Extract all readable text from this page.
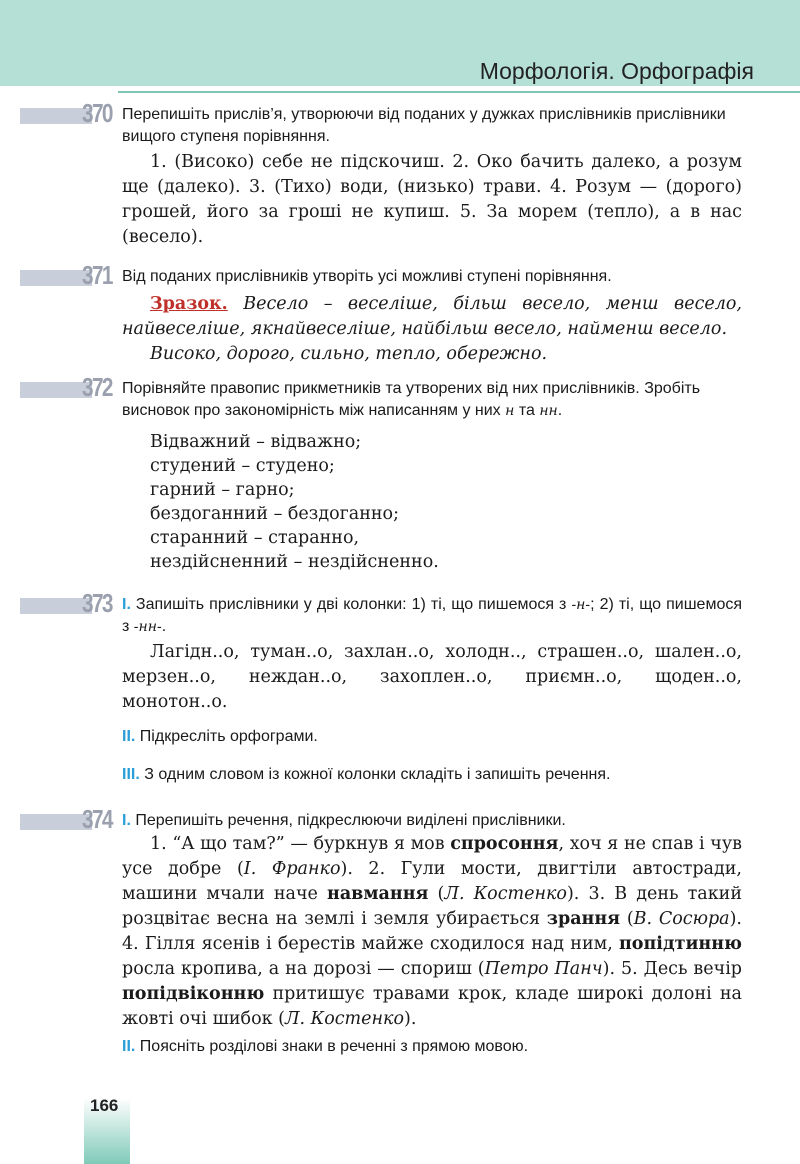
Морфологія. Орфографія
370 Перепишіть прислів’я, утворюючи від поданих у дужках прислівників прислівники вищого ступеня порівняння.
1. (Високо) себе не підскочиш. 2. Око бачить далеко, а розум ще (далеко). 3. (Тихо) води, (низько) трави. 4. Розум — (дорого) грошей, його за гроші не купиш. 5. За морем (тепло), а в нас (весело).
371 Від поданих прислівників утворіть усі можливі ступені порівняння.
Зразок. Весело – веселіше, більш весело, менш весело, найвеселіше, якнайвеселіше, найбільш весело, найменш весело.
Високо, дорого, сильно, тепло, обережно.
372 Порівняйте правопис прикметників та утворених від них прислівників. Зробіть висновок про закономірність між написанням у них н та нн.
Відважний – відважно;
студений – студено;
гарний – гарно;
бездоганний – бездоганно;
старанний – старанно,
нездійсненний – нездійсненно.
373 I. Запишіть прислівники у дві колонки: 1) ті, що пишемося з -н-; 2) ті, що пишемося з -нн-.
Лагідн..о, туман..о, захлан..о, холодн.., страшен..о, шален..о, мерзен..о, неждан..о, захоплен..о, приємн..о, щоден..о, монотон..о.
II. Підкресліть орфограми.
III. З одним словом із кожної колонки складіть і запишіть речення.
374 I. Перепишіть речення, підкреслюючи виділені прислівники.
1. “А що там?” — буркнув я мов спросоння, хоч я не спав і чув усе добре (І. Франко). 2. Гули мости, двигтіли автостради, машини мчали наче навмання (Л. Костенко). 3. В день такий розцвітає весна на землі і земля убирається зрання (В. Сосюра). 4. Гілля ясенів і берестів майже сходилося над ним, попідтинню росла кропива, а на дорозі — спориш (Петро Панч). 5. Десь вечір попідвіконню притишує травами крок, кладе широкі долоні на жовті очі шибок (Л. Костенко).
II. Поясніть розділові знаки в реченні з прямою мовою.
166
